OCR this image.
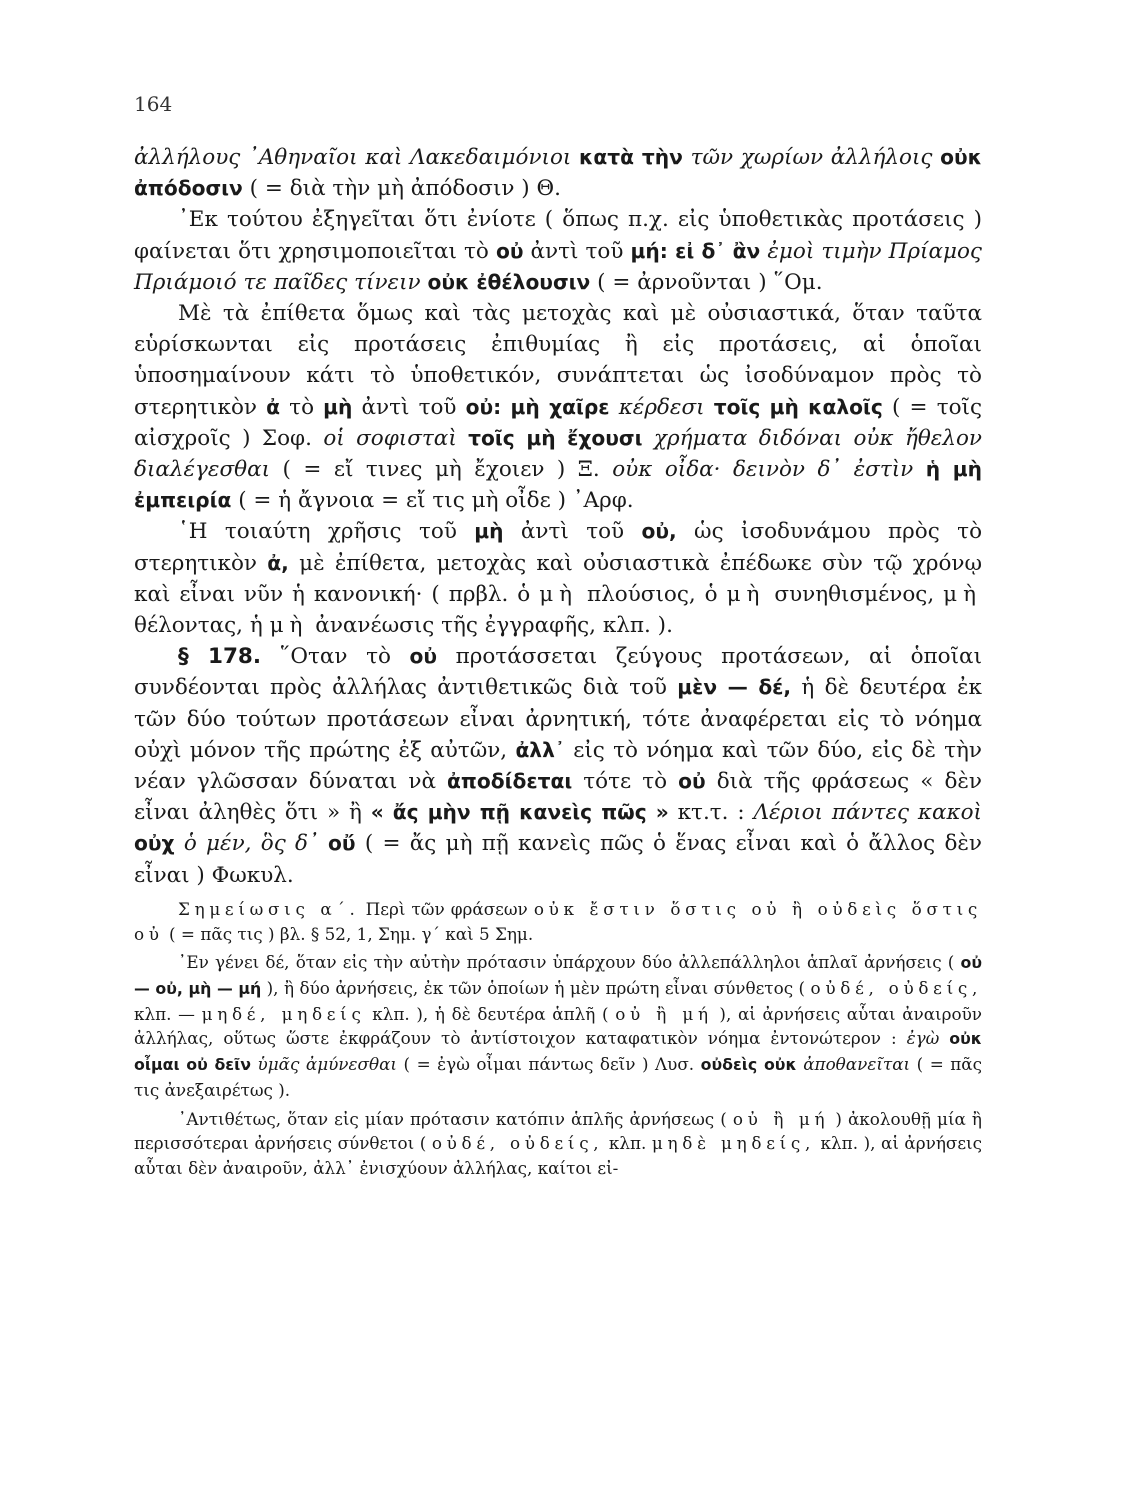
164

ἀλλήλους ᾿Αθηναῖοι καὶ Λακεδαιμόνιοι κατὰ τὴν τῶν χωρίων ἀλλήλοις οὐκ ἀπόδοσιν ( = διὰ τὴν μὴ ἀπόδοσιν ) Θ.

᾿Εκ τούτου ἐξηγεῖται ὅτι ἐνίοτε ( ὅπως π.χ. εἰς ὑποθετικὰς προτάσεις ) φαίνεται ὅτι χρησιμοποιεῖται τὸ οὐ ἀντὶ τοῦ μή: εἰ δ᾿ ἂν ἐμοὶ τιμὴν Πρίαμος Πριάμοιό τε παῖδες τίνειν οὐκ ἐθέλουσιν ( = ἀρνοῦνται ) ῞Ομ.

Μὲ τὰ ἐπίθετα ὅμως καὶ τὰς μετοχὰς καὶ μὲ οὐσιαστικά, ὅταν ταῦτα εὑρίσκωνται εἰς προτάσεις ἐπιθυμίας ἢ εἰς προτάσεις, αἱ ὁποῖαι ὑποσημαίνουν κάτι τὸ ὑποθετικόν, συνάπτεται ὡς ἰσοδύναμον πρὸς τὸ στερητικὸν ἀ τὸ μὴ ἀντὶ τοῦ οὐ: μὴ χαῖρε κέρδεσι τοῖς μὴ καλοῖς ( = τοῖς αἰσχροῖς ) Σοφ. οἱ σοφισταὶ τοῖς μὴ ἔχουσι χρήματα διδόναι οὐκ ἤθελον διαλέγεσθαι ( = εἴ τινες μὴ ἔχοιεν ) Ξ. οὐκ οἶδα· δεινὸν δ᾿ ἐστὶν ἡ μὴ ἐμπειρία ( = ἡ ἄγνοια = εἴ τις μὴ οἶδε ) ᾿Αρφ.

῾Η τοιαύτη χρῆσις τοῦ μὴ ἀντὶ τοῦ οὐ, ὡς ἰσοδυνάμου πρὸς τὸ στερητικὸν ἀ, μὲ ἐπίθετα, μετοχὰς καὶ οὐσιαστικὰ ἐπέδωκε σὺν τῷ χρόνῳ καὶ εἶναι νῦν ἡ κανονική· ( πρβλ. ὁ μὴ πλούσιος, ὁ μὴ συνηθισμένος, μὴ θέλοντας, ἡ μὴ ἀνανέωσις τῆς ἐγγραφῆς, κλπ. ).

§ 178. ῞Οταν τὸ οὐ προτάσσεται ζεύγους προτάσεων, αἱ ὁποῖαι συνδέονται πρὸς ἀλλήλας ἀντιθετικῶς διὰ τοῦ μὲν — δέ, ἡ δὲ δευτέρα ἐκ τῶν δύο τούτων προτάσεων εἶναι ἀρνητική, τότε ἀναφέρεται εἰς τὸ νόημα οὐχὶ μόνον τῆς πρώτης ἐξ αὐτῶν, ἀλλ᾿ εἰς τὸ νόημα καὶ τῶν δύο, εἰς δὲ τὴν νέαν γλῶσσαν δύναται νὰ ἀποδίδεται τότε τὸ οὐ διὰ τῆς φράσεως « δὲν εἶναι ἀληθὲς ὅτι » ἢ « ἄς μὴν πῇ κανεὶς πῶς » κτ.τ. : Λέριοι πάντες κακοὶ οὐχ ὁ μέν, ὃς δ᾿ οὔ ( = ἄς μὴ πῇ κανεὶς πῶς ὁ ἕνας εἶναι καὶ ὁ ἄλλος δὲν εἶναι ) Φωκυλ.

Σημείωσις α΄. Περὶ τῶν φράσεων οὐκ ἔστιν ὅστις οὐ ἢ οὐδεὶς ὅστις οὐ ( = πᾶς τις ) βλ. § 52, 1, Σημ. γ΄ καὶ 5 Σημ.

᾿Εν γένει δέ, ὅταν εἰς τὴν αὐτὴν πρότασιν ὑπάρχουν δύο ἀλλεπάλληλοι ἁπλαῖ ἀρνήσεις ( οὐ — οὐ, μὴ — μή ), ἢ δύο ἀρνήσεις, ἐκ τῶν ὁποίων ἡ μὲν πρώτη εἶναι σύνθετος ( οὐδέ, οὐδείς, κλπ. — μηδέ, μηδείς κλπ. ), ἡ δὲ δευτέρα ἁπλῆ ( οὐ ἢ μή ), αἱ ἀρνήσεις αὗται ἀναιροῦν ἀλλήλας, οὕτως ὥστε ἐκφράζουν τὸ ἀντίστοιχον καταφατικὸν νόημα ἐντονώτερον : ἐγὼ οὐκ οἶμαι οὐ δεῖν ὑμᾶς ἀμύνεσθαι ( = ἐγὼ οἶμαι πάντως δεῖν ) Λυσ. οὐδεὶς οὐκ ἀποθανεῖται ( = πᾶς τις ἀνεξαιρέτως ).

᾿Αντιθέτως, ὅταν εἰς μίαν πρότασιν κατόπιν ἁπλῆς ἀρνήσεως ( οὐ ἢ μή ) ἀκολουθῇ μία ἢ περισσότεραι ἀρνήσεις σύνθετοι ( οὐδέ, οὐδείς, κλπ. μηδὲ μηδείς, κλπ. ), αἱ ἀρνήσεις αὗται δὲν ἀναιροῦν, ἀλλ᾿ ἐνισχύουν ἀλλήλας, καίτοι εἰ-
